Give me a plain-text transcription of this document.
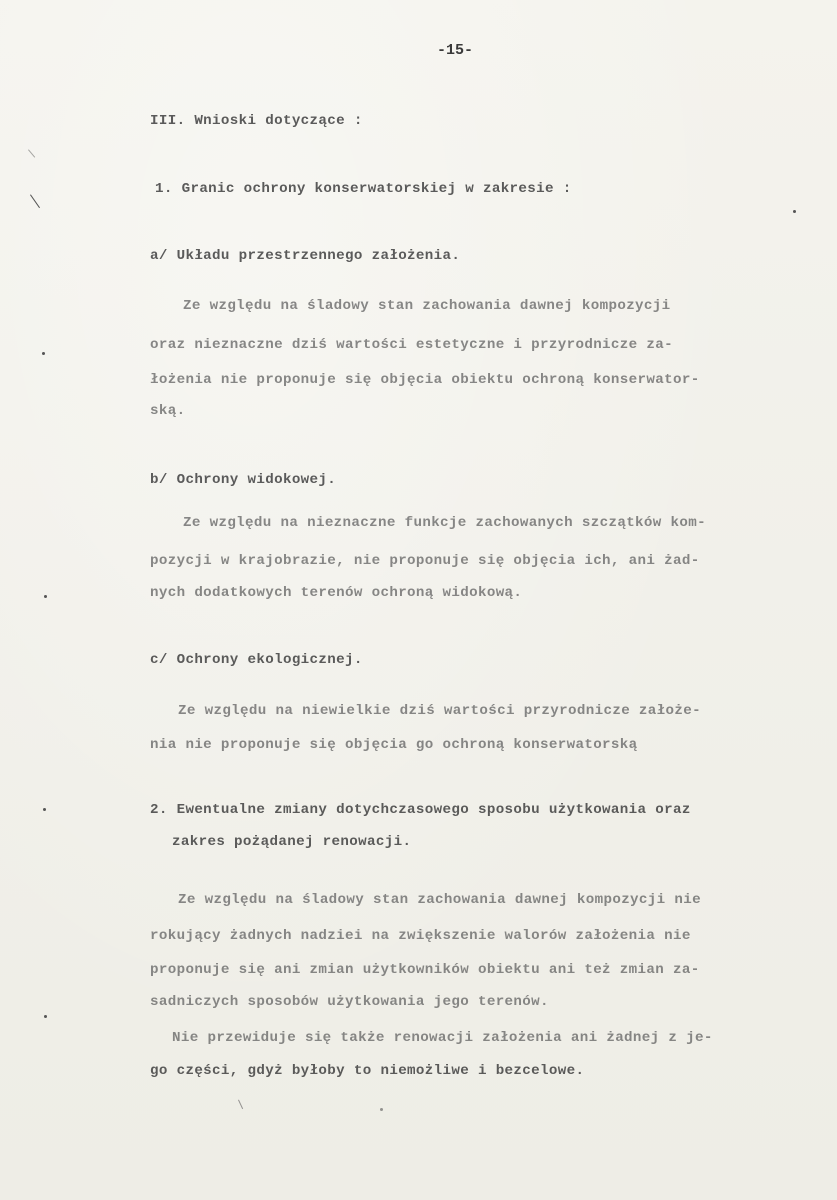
-15-
III. Wnioski dotyczące :
1. Granic ochrony konserwatorskiej w zakresie :
a/ Układu przestrzennego założenia.
Ze względu na śladowy stan zachowania dawnej kompozycji
oraz nieznaczne dziś wartości estetyczne i przyrodnicze za-
łożenia nie proponuje się objęcia obiektu ochroną konserwator-
ską.
b/ Ochrony widokowej.
Ze względu na nieznaczne funkcje zachowanych szczątków kom-
pozycji w krajobrazie, nie proponuje się objęcia ich, ani żad-
nych dodatkowych terenów ochroną widokową.
c/ Ochrony ekologicznej.
Ze względu na niewielkie dziś wartości przyrodnicze założe-
nia nie proponuje się objęcia go ochroną konserwatorską
2. Ewentualne zmiany dotychczasowego sposobu użytkowania oraz
zakres pożądanej renowacji.
Ze względu na śladowy stan zachowania dawnej kompozycji nie
rokujący żadnych nadziei na zwiększenie walorów założenia nie
proponuje się ani zmian użytkowników obiektu ani też zmian za-
sadniczych sposobów użytkowania jego terenów.
Nie przewiduje się także renowacji założenia ani żadnej z je-
go części, gdyż byłoby to niemożliwe i bezcelowe.
